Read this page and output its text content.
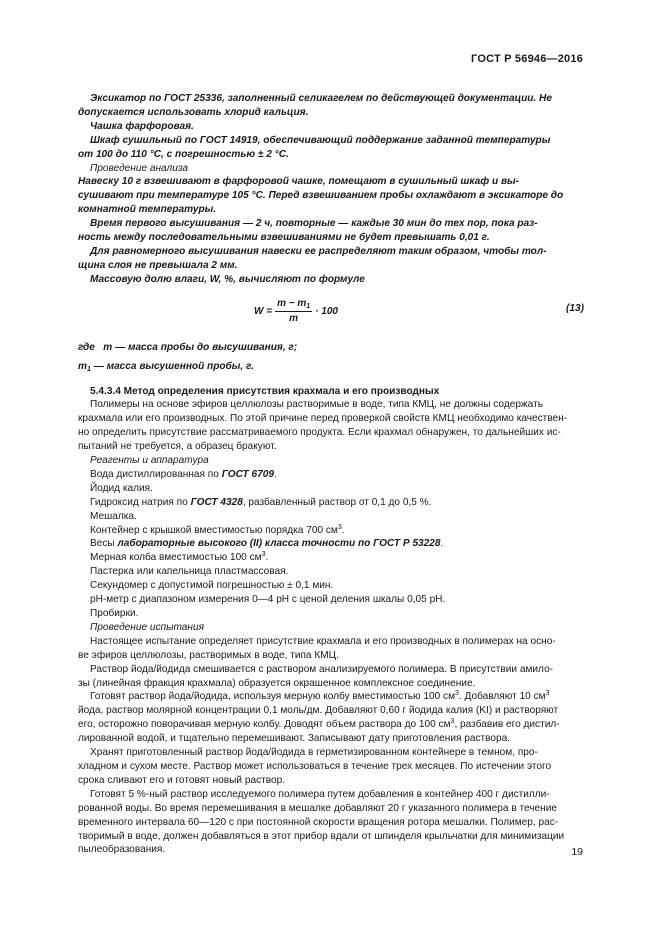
ГОСТ Р 56946—2016
Эксикатор по ГОСТ 25336, заполненный селикагелем по действующей документации. Не
допускается использовать хлорид кальция.
Чашка фарфоровая.
Шкаф сушильный по ГОСТ 14919, обеспечивающий поддержание заданной температуры
от 100 до 110 °С, с погрешностью ± 2 °С.
Проведение анализа
Навеску 10 г взвешивают в фарфоровой чашке, помещают в сушильный шкаф и вы-
сушивают при температуре 105 °С. Перед взвешиванием пробы охлаждают в эксикаторе до
комнатной температуры.
Время первого высушивания — 2 ч, повторные — каждые 30 мин до тех пор, пока раз-
ность между последовательными взвешиваниями не будет превышать 0,01 г.
Для равномерного высушивания навески ее распределяют таким образом, чтобы тол-
щина слоя не превышала 2 мм.
Массовую долю влаги, W, %, вычисляют по формуле
$W = \frac{m - m_1}{m} \cdot 100$	(13)
где m — масса пробы до высушивания, г;
$m_1$ — масса высушенной пробы, г.
5.4.3.4 Метод определения присутствия крахмала и его производных
Полимеры на основе эфиров целлюлозы растворимые в воде, типа КМЦ, не должны содержать
крахмала или его производных. По этой причине перед проверкой свойств КМЦ необходимо качествен-
но определить присутствие рассматриваемого продукта. Если крахмал обнаружен, то дальнейших ис-
пытаний не требуется, а образец бракуют.
Реагенты и аппаратура
Вода дистиллированная по ГОСТ 6709.
Йодид калия.
Гидроксид натрия по ГОСТ 4328, разбавленный раствор от 0,1 до 0,5 %.
Мешалка.
Контейнер с крышкой вместимостью порядка 700 $см^3$.
Весы лабораторные высокого (II) класса точности по ГОСТ Р 53228.
Мерная колба вместимостью 100 $см^3$.
Пастерка или капельница пластмассовая.
Секундомер с допустимой погрешностью ± 0,1 мин.
рН-метр с диапазоном измерения 0—4 рН с ценой деления шкалы 0,05 рН.
Пробирки.
Проведение испытания
Настоящее испытание определяет присутствие крахмала и его производных в полимерах на осно-
ве эфиров целлюлозы, растворимых в воде, типа КМЦ.
Раствор йода/йодида смешивается с раствором анализируемого полимера. В присутствии амило-
зы (линейная фракция крахмала) образуется окрашенное комплексное соединение.
Готовят раствор йода/йодида, используя мерную колбу вместимостью 100 $см^3$. Добавляют 10 $см^3$
йода, раствор молярной концентрации 0,1 моль/дм. Добавляют 0,60 г йодида калия (KI) и растворяют
его, осторожно поворачивая мерную колбу. Доводят объем раствора до 100 $см^3$, разбавив его дистил-
лированной водой, и тщательно перемешивают. Записывают дату приготовления раствора.
Хранят приготовленный раствор йода/йодида в герметизированном контейнере в темном, про-
хладном и сухом месте. Раствор может использоваться в течение трех месяцев. По истечении этого
срока сливают его и готовят новый раствор.
Готовят 5 %-ный раствор исследуемого полимера путем добавления в контейнер 400 г дистилли-
рованной воды. Во время перемешивания в мешалке добавляют 20 г указанного полимера в течение
временного интервала 60—120 с при постоянной скорости вращения ротора мешалки. Полимер, рас-
творимый в воде, должен добавляться в этот прибор вдали от шпинделя крыльчатки для минимизации
пылеобразования.	19
